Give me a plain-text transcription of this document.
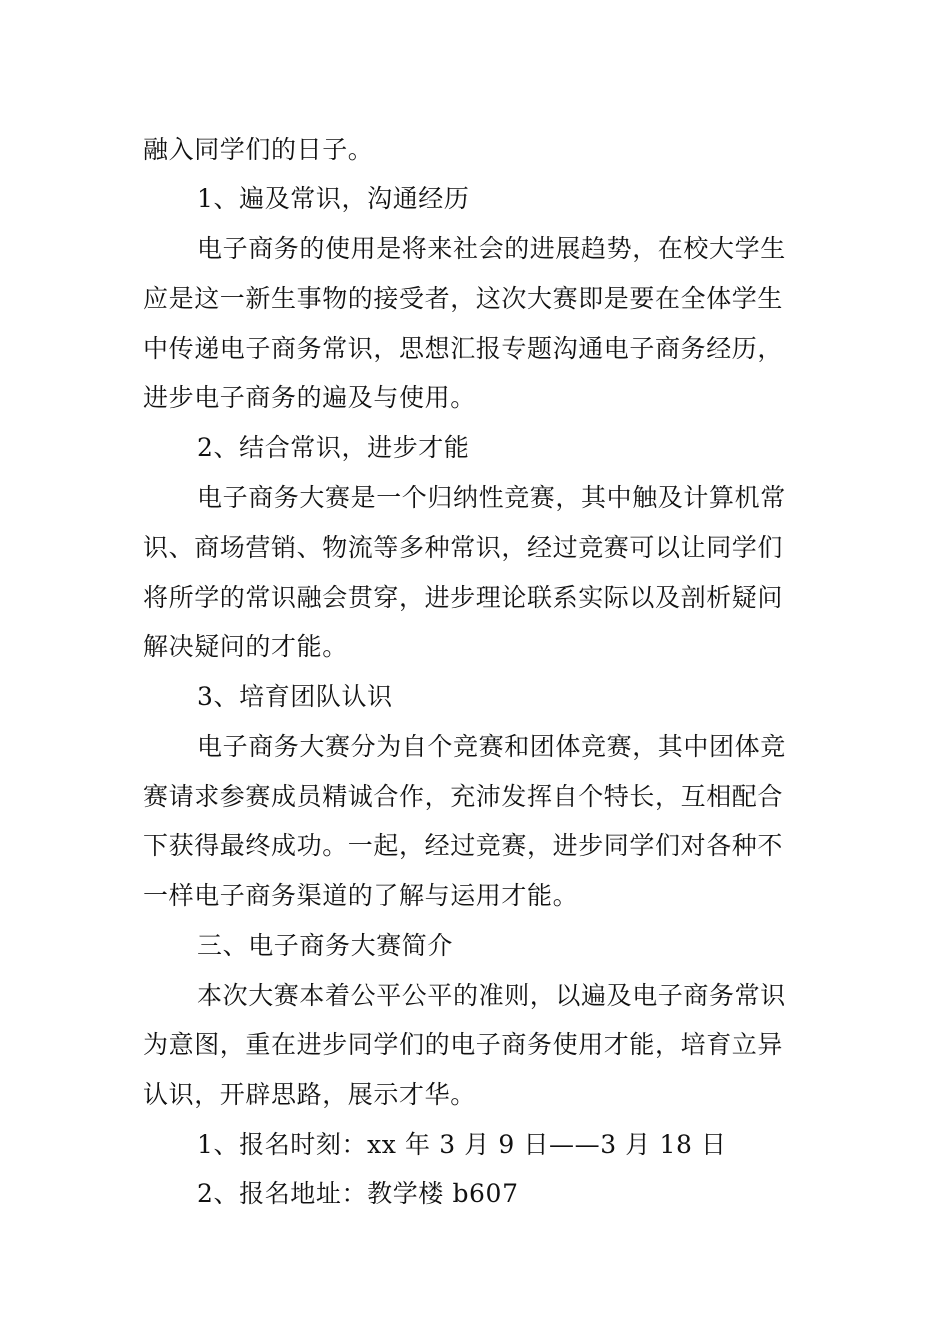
融入同学们的日子。
1、遍及常识，沟通经历
电子商务的使用是将来社会的进展趋势，在校大学生
应是这一新生事物的接受者，这次大赛即是要在全体学生
中传递电子商务常识，思想汇报专题沟通电子商务经历，
进步电子商务的遍及与使用。
2、结合常识，进步才能
电子商务大赛是一个归纳性竞赛，其中触及计算机常
识、商场营销、物流等多种常识，经过竞赛可以让同学们
将所学的常识融会贯穿，进步理论联系实际以及剖析疑问
解决疑问的才能。
3、培育团队认识
电子商务大赛分为自个竞赛和团体竞赛，其中团体竞
赛请求参赛成员精诚合作，充沛发挥自个特长，互相配合
下获得最终成功。一起，经过竞赛，进步同学们对各种不
一样电子商务渠道的了解与运用才能。
三、电子商务大赛简介
本次大赛本着公平公平的准则，以遍及电子商务常识
为意图，重在进步同学们的电子商务使用才能，培育立异
认识，开辟思路，展示才华。
1、报名时刻：xx 年 3 月 9 日——3 月 18 日
2、报名地址：教学楼 b607
